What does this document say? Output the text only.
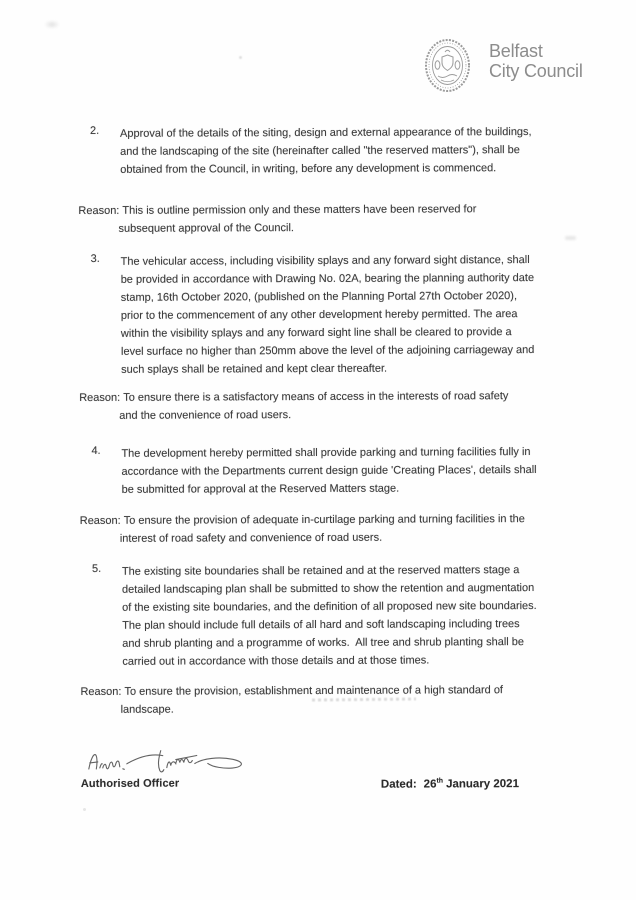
Belfast
City Council
2. Approval of the details of the siting, design and external appearance of the buildings,
and the landscaping of the site (hereinafter called "the reserved matters"), shall be
obtained from the Council, in writing, before any development is commenced.
Reason: This is outline permission only and these matters have been reserved for
subsequent approval of the Council.
3. The vehicular access, including visibility splays and any forward sight distance, shall
be provided in accordance with Drawing No. 02A, bearing the planning authority date
stamp, 16th October 2020, (published on the Planning Portal 27th October 2020),
prior to the commencement of any other development hereby permitted. The area
within the visibility splays and any forward sight line shall be cleared to provide a
level surface no higher than 250mm above the level of the adjoining carriageway and
such splays shall be retained and kept clear thereafter.
Reason: To ensure there is a satisfactory means of access in the interests of road safety
and the convenience of road users.
4. The development hereby permitted shall provide parking and turning facilities fully in
accordance with the Departments current design guide 'Creating Places', details shall
be submitted for approval at the Reserved Matters stage.
Reason: To ensure the provision of adequate in-curtilage parking and turning facilities in the
interest of road safety and convenience of road users.
5. The existing site boundaries shall be retained and at the reserved matters stage a
detailed landscaping plan shall be submitted to show the retention and augmentation
of the existing site boundaries, and the definition of all proposed new site boundaries.
The plan should include full details of all hard and soft landscaping including trees
and shrub planting and a programme of works.  All tree and shrub planting shall be
carried out in accordance with those details and at those times.
Reason: To ensure the provision, establishment and maintenance of a high standard of
landscape.
Authorised Officer	Dated: 26th January 2021
